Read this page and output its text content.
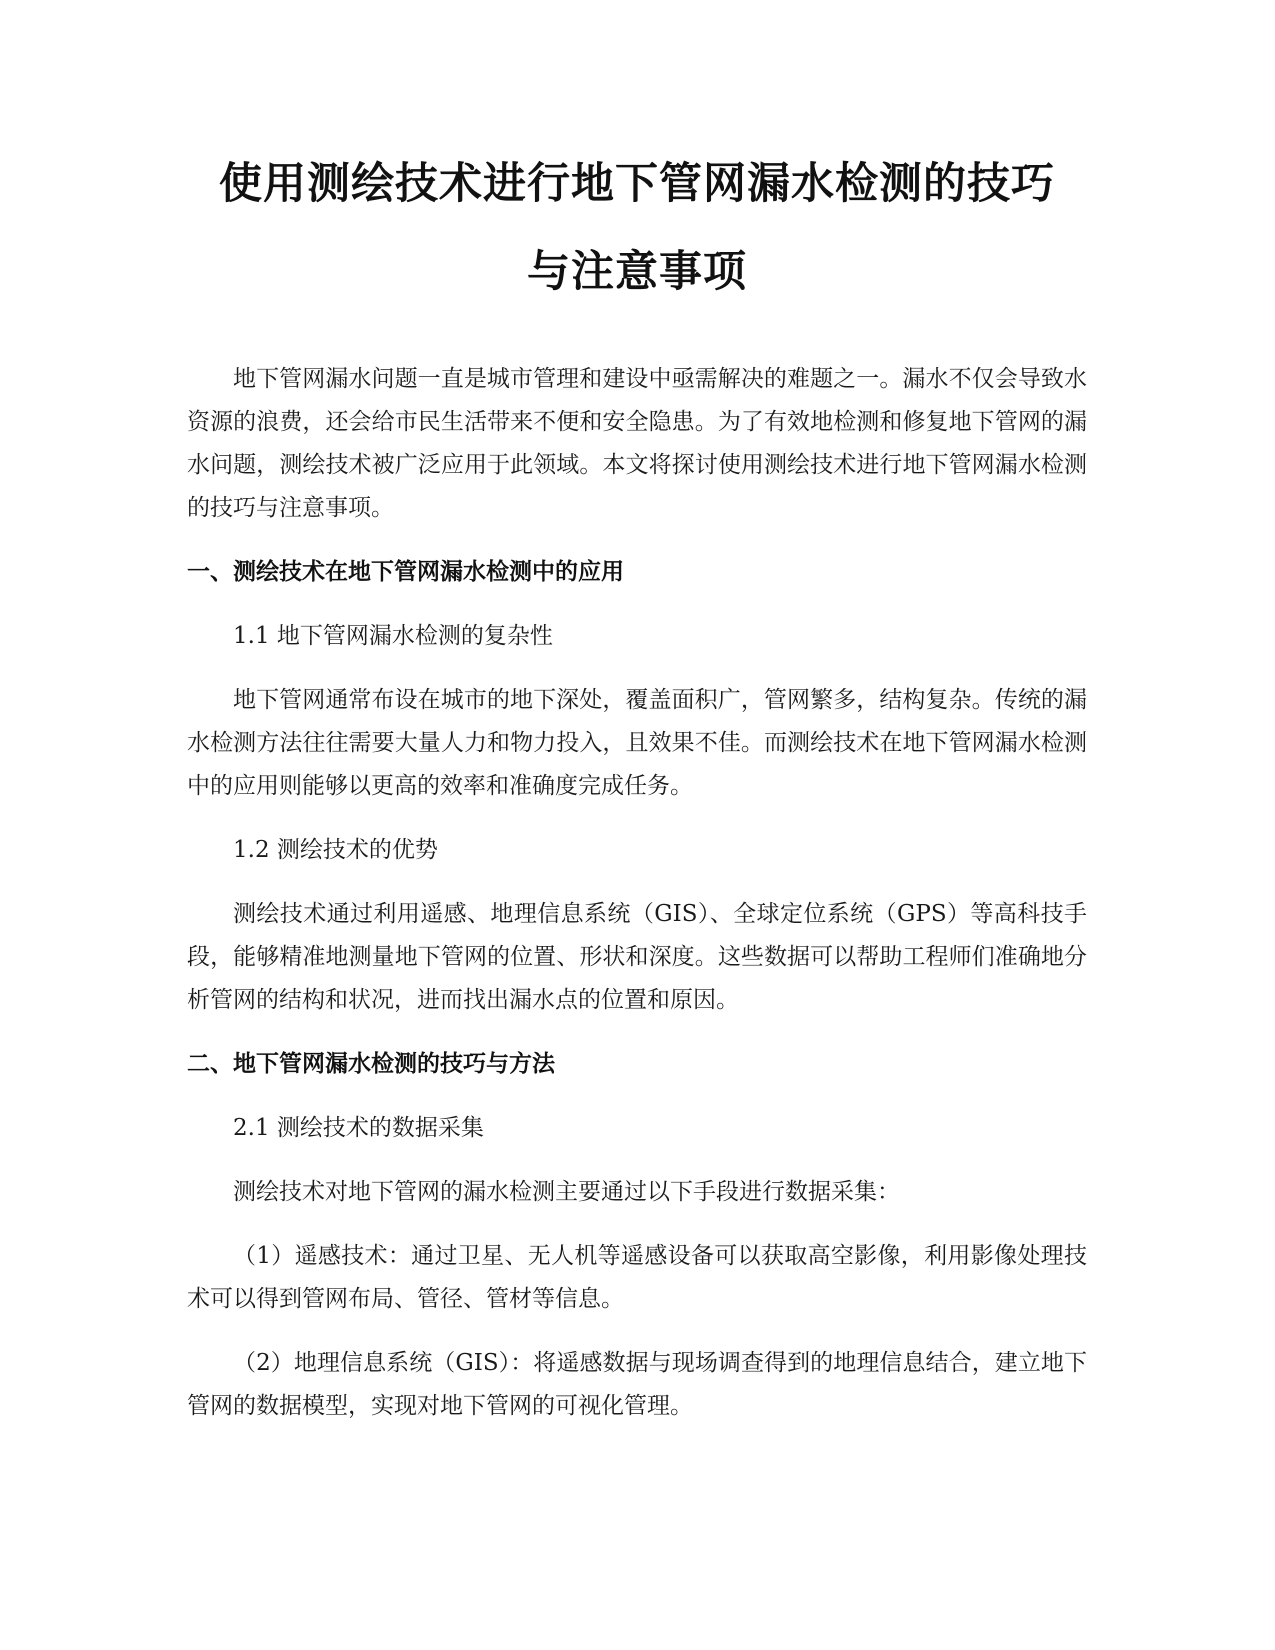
使用测绘技术进行地下管网漏水检测的技巧
与注意事项

地下管网漏水问题一直是城市管理和建设中亟需解决的难题之一。漏水不仅会导致水资源的浪费，还会给市民生活带来不便和安全隐患。为了有效地检测和修复地下管网的漏水问题，测绘技术被广泛应用于此领域。本文将探讨使用测绘技术进行地下管网漏水检测的技巧与注意事项。

一、测绘技术在地下管网漏水检测中的应用

1.1 地下管网漏水检测的复杂性

地下管网通常布设在城市的地下深处，覆盖面积广，管网繁多，结构复杂。传统的漏水检测方法往往需要大量人力和物力投入，且效果不佳。而测绘技术在地下管网漏水检测中的应用则能够以更高的效率和准确度完成任务。

1.2 测绘技术的优势

测绘技术通过利用遥感、地理信息系统（GIS）、全球定位系统（GPS）等高科技手段，能够精准地测量地下管网的位置、形状和深度。这些数据可以帮助工程师们准确地分析管网的结构和状况，进而找出漏水点的位置和原因。

二、地下管网漏水检测的技巧与方法

2.1 测绘技术的数据采集

测绘技术对地下管网的漏水检测主要通过以下手段进行数据采集：

（1）遥感技术：通过卫星、无人机等遥感设备可以获取高空影像，利用影像处理技术可以得到管网布局、管径、管材等信息。

（2）地理信息系统（GIS）：将遥感数据与现场调查得到的地理信息结合，建立地下管网的数据模型，实现对地下管网的可视化管理。
